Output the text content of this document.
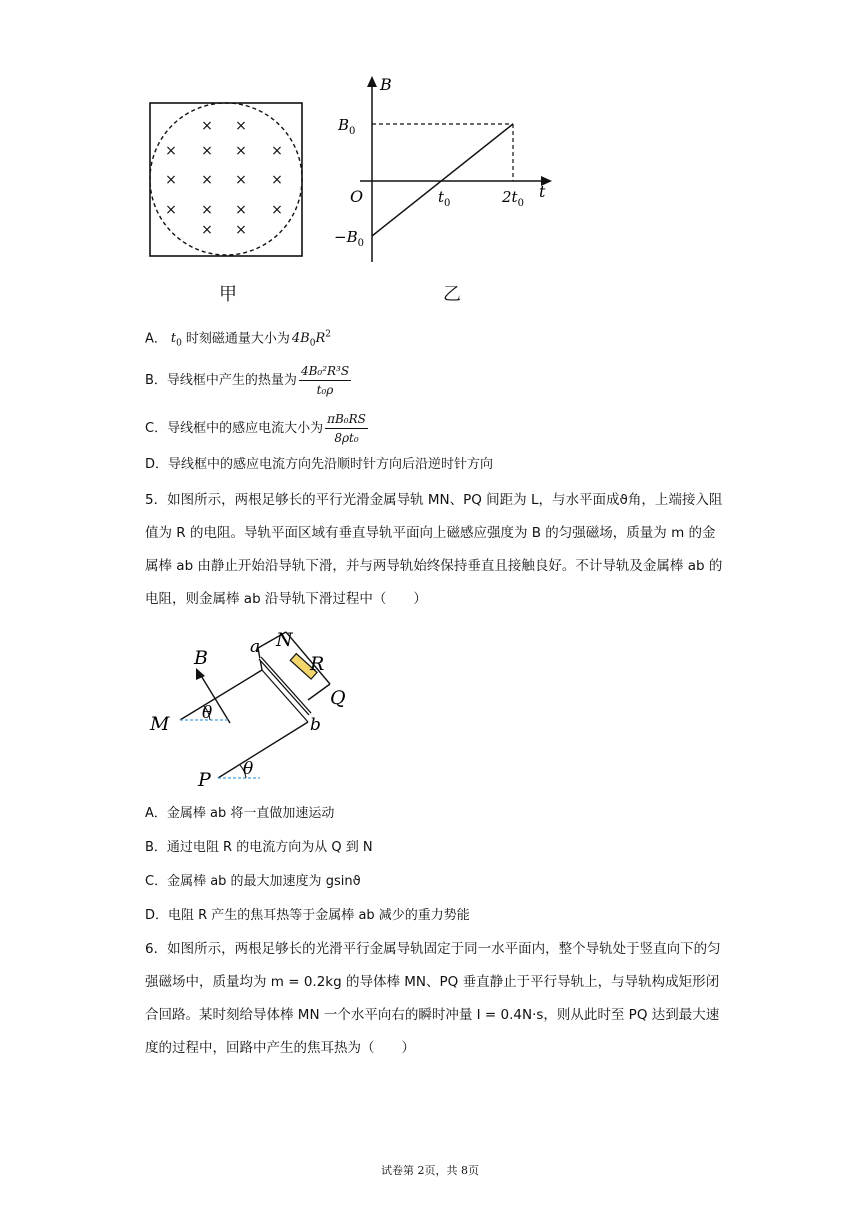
× ×
× × × ×
× × × ×
× × × ×
× ×
甲
B
t
O
$B_0$
$-B_0$
$t_0$	$2t_0$
乙
A． $t_0$ 时刻磁通量大小为 $4B_0R^2$
B．导线框中产生的热量为 $\frac{\text{4B₀²R³S}}{\text{t₀ρ}}$
C．导线框中的感应电流大小为 $\frac{\text{πB₀RS}}{\text{8ρt₀}}$
D．导线框中的感应电流方向先沿顺时针方向后沿逆时针方向
5．如图所示，两根足够长的平行光滑金属导轨 MN、PQ 间距为 L，与水平面成ϑ角，上端接入阻值为 R 的电阻。导轨平面区域有垂直导轨平面向上磁感应强度为 B 的匀强磁场，质量为 m 的金属棒 ab 由静止开始沿导轨下滑，并与两导轨始终保持垂直且接触良好。不计导轨及金属棒 ab 的电阻，则金属棒 ab 沿导轨下滑过程中（　　）
B a N
R
Q
b
M
P
θ
θ
A．金属棒 ab 将一直做加速运动
B．通过电阻 R 的电流方向为从 Q 到 N
C．金属棒 ab 的最大加速度为 gsinϑ
D．电阻 R 产生的焦耳热等于金属棒 ab 减少的重力势能
6．如图所示，两根足够长的光滑平行金属导轨固定于同一水平面内，整个导轨处于竖直向下的匀强磁场中，质量均为 m = 0.2kg 的导体棒 MN、PQ 垂直静止于平行导轨上，与导轨构成矩形闭合回路。某时刻给导体棒 MN 一个水平向右的瞬时冲量 I = 0.4N·s，则从此时至 PQ 达到最大速度的过程中，回路中产生的焦耳热为（　　）
试卷第 2页，共 8页
